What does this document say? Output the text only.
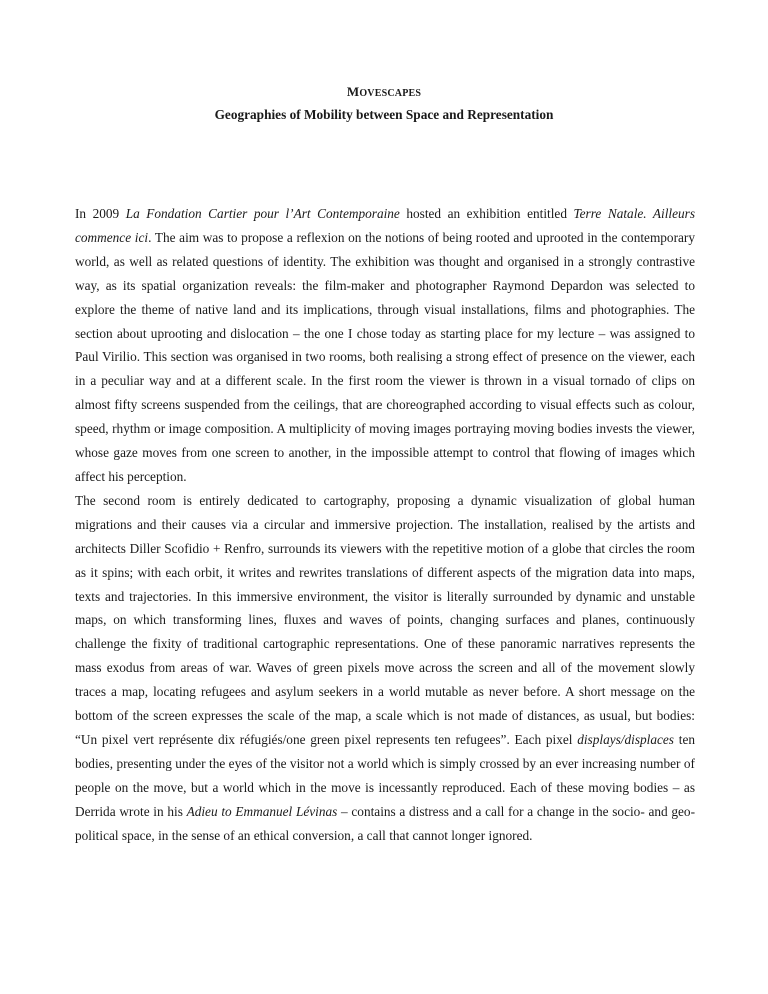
MOVESCAPES
Geographies of Mobility between Space and Representation

In 2009 La Fondation Cartier pour l’Art Contemporaine hosted an exhibition entitled Terre Natale. Ailleurs commence ici. The aim was to propose a reflexion on the notions of being rooted and uprooted in the contemporary world, as well as related questions of identity. The exhibition was thought and organised in a strongly contrastive way, as its spatial organization reveals: the film-maker and photographer Raymond Depardon was selected to explore the theme of native land and its implications, through visual installations, films and photographies. The section about uprooting and dislocation – the one I chose today as starting place for my lecture – was assigned to Paul Virilio. This section was organised in two rooms, both realising a strong effect of presence on the viewer, each in a peculiar way and at a different scale. In the first room the viewer is thrown in a visual tornado of clips on almost fifty screens suspended from the ceilings, that are choreographed according to visual effects such as colour, speed, rhythm or image composition. A multiplicity of moving images portraying moving bodies invests the viewer, whose gaze moves from one screen to another, in the impossible attempt to control that flowing of images which affect his perception.

The second room is entirely dedicated to cartography, proposing a dynamic visualization of global human migrations and their causes via a circular and immersive projection. The installation, realised by the artists and architects Diller Scofidio + Renfro, surrounds its viewers with the repetitive motion of a globe that circles the room as it spins; with each orbit, it writes and rewrites translations of different aspects of the migration data into maps, texts and trajectories. In this immersive environment, the visitor is literally surrounded by dynamic and unstable maps, on which transforming lines, fluxes and waves of points, changing surfaces and planes, continuously challenge the fixity of traditional cartographic representations. One of these panoramic narratives represents the mass exodus from areas of war. Waves of green pixels move across the screen and all of the movement slowly traces a map, locating refugees and asylum seekers in a world mutable as never before. A short message on the bottom of the screen expresses the scale of the map, a scale which is not made of distances, as usual, but bodies: “Un pixel vert représente dix réfugiés/one green pixel represents ten refugees”. Each pixel displays/displaces ten bodies, presenting under the eyes of the visitor not a world which is simply crossed by an ever increasing number of people on the move, but a world which in the move is incessantly reproduced. Each of these moving bodies – as Derrida wrote in his Adieu to Emmanuel Lévinas – contains a distress and a call for a change in the socio- and geo-political space, in the sense of an ethical conversion, a call that cannot longer ignored.
